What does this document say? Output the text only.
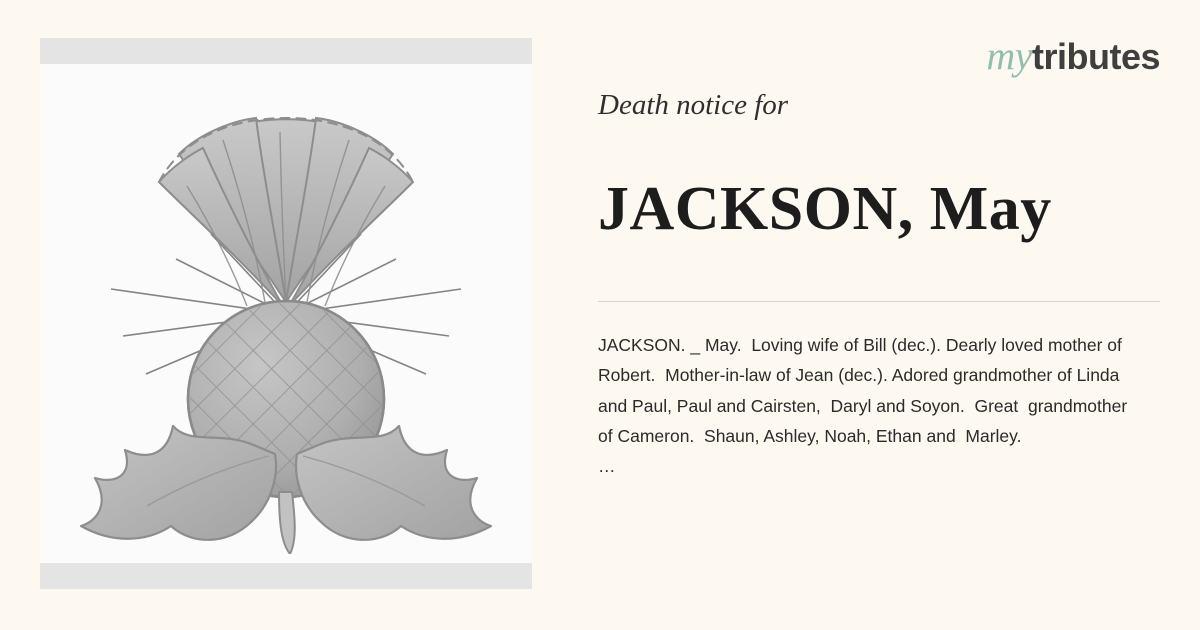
mytributes

Death notice for

JACKSON, May

JACKSON. _ May.  Loving wife of Bill (dec.). Dearly loved mother of Robert.  Mother-in-law of Jean (dec.). Adored grandmother of Linda  and Paul, Paul and Cairsten,  Daryl and Soyon.  Great  grandmother of Cameron.  Shaun, Ashley, Noah, Ethan and  Marley.

…
